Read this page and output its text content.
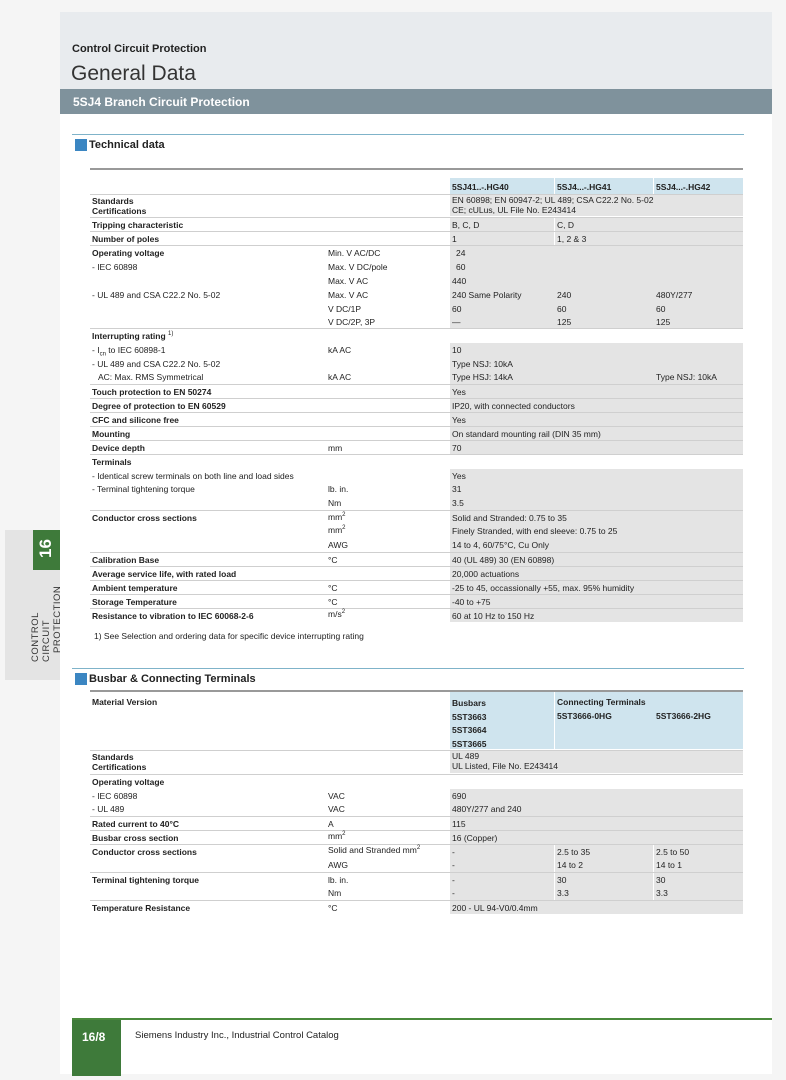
Control Circuit Protection
General Data
5SJ4 Branch Circuit Protection
Technical data
5SJ41..-.HG40	5SJ4...-.HG41	5SJ4...-.HG42
Standards
Certifications
EN 60898; EN 60947-2; UL 489; CSA C22.2 No. 5-02
CE; cULus, UL File No. E243414
Tripping characteristic	B, C, D	C, D
Number of poles	1	1, 2 & 3
Operating voltage	Min. V AC/DC	24
- IEC 60898	Max. V DC/pole	60
Max. V AC	440
- UL 489 and CSA C22.2 No. 5-02	Max. V AC	240 Same Polarity	240	480Y/277
V DC/1P	60	60	60
V DC/2P, 3P	—	125	125
Interrupting rating $^{1)}$
- $I_{cn}$ to IEC 60898-1	kA AC	10
- UL 489 and CSA C22.2 No. 5-02	Type NSJ: 10kA
AC: Max. RMS Symmetrical	kA AC	Type HSJ: 14kA	Type NSJ: 10kA
Touch protection to EN 50274	Yes
Degree of protection to EN 60529	IP20, with connected conductors
CFC and silicone free	Yes
Mounting	On standard mounting rail (DIN 35 mm)
Device depth	mm	70
Terminals
- Identical screw terminals on both line and load sides	Yes
- Terminal tightening torque	lb. in.	31
Nm	3.5
Conductor cross sections	$mm^2$	Solid and Stranded: 0.75 to 35
$mm^2$	Finely Stranded, with end sleeve: 0.75 to 25
AWG	14 to 4, 60/75°C, Cu Only
Calibration Base	°C	40 (UL 489) 30 (EN 60898)
Average service life, with rated load	20,000 actuations
Ambient temperature	°C	-25 to 45, occassionally +55, max. 95% humidity
Storage Temperature	°C	-40 to +75
Resistance to vibration to IEC 60068-2-6	$m/s^2$	60 at 10 Hz to 150 Hz
1) See Selection and ordering data for specific device interrupting rating
Busbar & Connecting Terminals
Material Version	Busbars
5ST3663
5ST3664
5ST3665
Connecting Terminals
5ST3666-0HG	5ST3666-2HG
Standards
Certifications
UL 489
UL Listed, File No. E243414
Operating voltage
- IEC 60898	VAC	690
- UL 489	VAC	480Y/277 and 240
Rated current to 40°C	A	115
Busbar cross section	$mm^2$	16 (Copper)
Conductor cross sections	Solid and Stranded $mm^2$	-	2.5 to 35	2.5 to 50
AWG	-	14 to 2	14 to 1
Terminal tightening torque	lb. in.	-	30	30
Nm	-	3.3	3.3
Temperature Resistance	°C	200 - UL 94-V0/0.4mm
16
CONTROL CIRCUIT
PROTECTION
16/8	Siemens Industry Inc., Industrial Control Catalog
